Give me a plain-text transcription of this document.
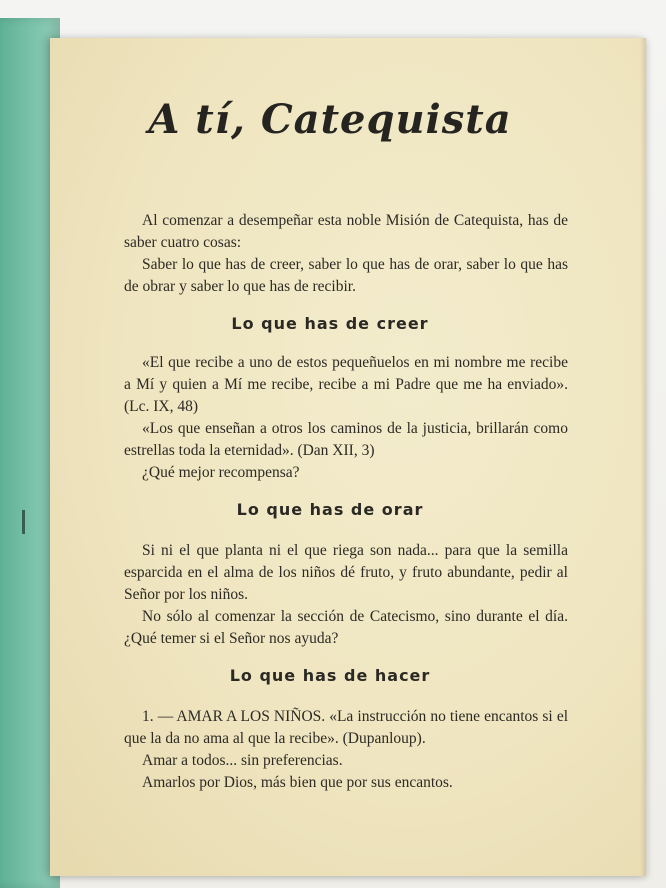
A tí, Catequista

Al comenzar a desempeñar esta noble Misión de Catequista, has de saber cuatro cosas:

Saber lo que has de creer, saber lo que has de orar, saber lo que has de obrar y saber lo que has de recibir.

Lo que has de creer

«El que recibe a uno de estos pequeñuelos en mi nombre me recibe a Mí y quien a Mí me recibe, recibe a mi Padre que me ha enviado». (Lc. IX, 48)

«Los que enseñan a otros los caminos de la justicia, brillarán como estrellas toda la eternidad». (Dan XII, 3)

¿Qué mejor recompensa?

Lo que has de orar

Si ni el que planta ni el que riega son nada... para que la semilla esparcida en el alma de los niños dé fruto, y fruto abundante, pedir al Señor por los niños.

No sólo al comenzar la sección de Catecismo, sino durante el día. ¿Qué temer si el Señor nos ayuda?

Lo que has de hacer

1. — AMAR A LOS NIÑOS. «La instrucción no tiene encantos si el que la da no ama al que la recibe». (Dupanloup).

Amar a todos... sin preferencias.

Amarlos por Dios, más bien que por sus encantos.
